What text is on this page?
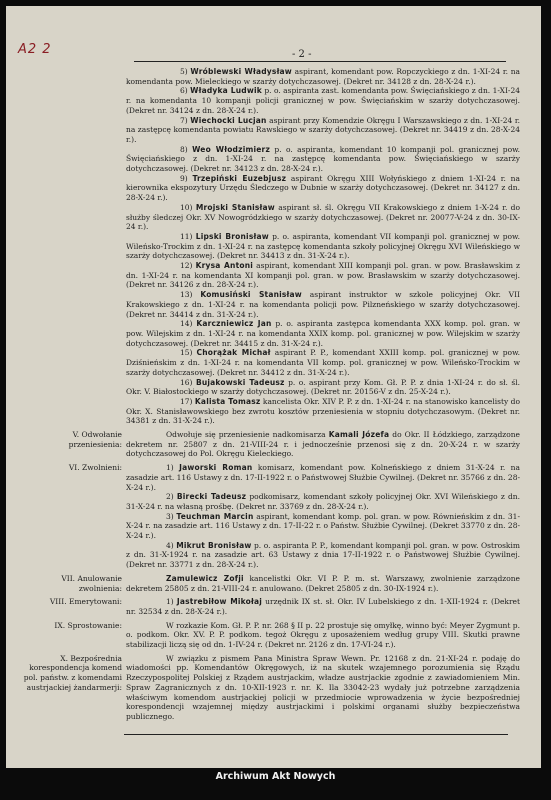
A2 2	- 2 -

5) Wróblewski Władysław aspirant, komendant pow. Ropczyckiego z dn. 1-XI-24 r. na komendanta pow. Mieleckiego w szarży dotychczasowej. (Dekret nr. 34128 z dn. 28-X-24 r.).

6) Władyka Ludwik p. o. aspiranta zast. komendanta pow. Święciańskiego z dn. 1-XI-24 r. na komendanta 10 kompanji policji granicznej w pow. Święciańskim w szarży dotychczasowej. (Dekret nr. 34124 z dn. 28-X-24 r.).

7) Wiechocki Lucjan aspirant przy Komendzie Okręgu I Warszawskiego z dn. 1-XI-24 r. na zastępcę komendanta powiatu Rawskiego w szarży dotychczasowej. (Dekret nr. 34419 z dn. 28-X-24 r.).

8) Weo Włodzimierz p. o. aspiranta, komendant 10 kompanji pol. granicznej pow. Święciańskiego z dn. 1-XI-24 r. na zastępcę komendanta pow. Święciańskiego w szarży dotychczasowej. (Dekret nr. 34123 z dn. 28-X-24 r.).

9) Trzepiński Euzebjusz aspirant Okręgu XIII Wołyńskiego z dniem 1-XI-24 r. na kierownika ekspozytury Urzędu Śledczego w Dubnie w szarży dotychczasowej. (Dekret nr. 34127 z dn. 28-X-24 r.).

10) Mrojski Stanisław aspirant sł. śl. Okręgu VII Krakowskiego z dniem 1-X-24 r. do służby śledczej Okr. XV Nowogródzkiego w szarży dotychczasowej. (Dekret nr. 20077-V-24 z dn. 30-IX-24 r.).

11) Lipski Bronisław p. o. aspiranta, komendant VII kompanji pol. granicznej w pow. Wileńsko-Trockim z dn. 1-XI-24 r. na zastępcę komendanta szkoły policyjnej Okręgu XVI Wileńskiego w szarży dotychczasowej. (Dekret nr. 34413 z dn. 31-X-24 r.).

12) Krysa Antoni aspirant, komendant XIII kompanji pol. gran. w pow. Brasławskim z dn. 1-XI-24 r. na komendanta XI kompanji pol. gran. w pow. Brasławskim w szarży dotychczasowej. (Dekret nr. 34126 z dn. 28-X-24 r.).

13) Komusiński Stanisław aspirant instruktor w szkole policyjnej Okr. VII Krakowskiego z dn. 1-XI-24 r. na komendanta policji pow. Pilzneńskiego w szarży dotychczasowej. (Dekret nr. 34414 z dn. 31-X-24 r.).

14) Karczniewicz Jan p. o. aspiranta zastępca komendanta XXX komp. pol. gran. w pow. Wilejskim z dn. 1-XI-24 r. na komendanta XXIX komp. pol. granicznej w pow. Wilejskim w szarży dotychczasowej. (Dekret nr. 34415 z dn. 31-X-24 r.).

15) Chorążak Michał aspirant P. P., komendant XXIII komp. pol. granicznej w pow. Dziśnieńskim z dn. 1-XI-24 r. na komendanta VII komp. pol. granicznej w pow. Wileńsko-Trockim w szarży dotychczasowej. (Dekret nr. 34412 z dn. 31-X-24 r.).

16) Bujakowski Tadeusz p. o. aspirant przy Kom. Gł. P. P. z dnia 1-XI-24 r. do sł. śl. Okr. V. Białostockiego w szarży dotychczasowej. (Dekret nr. 20156-V z dn. 25-X-24 r.).

17) Kalista Tomasz kancelista Okr. XIV P. P. z dn. 1-XI-24 r. na stanowisko kancelisty do Okr. X. Stanisławowskiego bez zwrotu kosztów przeniesienia w stopniu dotychczasowym. (Dekret nr. 34381 z dn. 31-X-24 r.).

V. Odwołanie przeniesienia:

Odwołuje się przeniesienie nadkomisarza Kamali Józefa do Okr. II Łódzkiego, zarządzone dekretem nr. 25807 z dn. 21-VIII-24 r. i jednocześnie przenosi się z dn. 20-X-24 r. w szarży dotychczasowej do Pol. Okręgu Kieleckiego.

VI. Zwolnieni:	1) Jaworski Roman komisarz, komendant pow. Kolneńskiego z dniem 31-X-24 r. na zasadzie art. 116 Ustawy z dn. 17-II-1922 r. o Państwowej Służbie Cywilnej. (Dekret nr. 35766 z dn. 28-X-24 r.).

2) Birecki Tadeusz podkomisarz, komendant szkoły policyjnej Okr. XVI Wileńskiego z dn. 31-X-24 r. na własną prośbę. (Dekret nr. 33769 z dn. 28-X-24 r.).

3) Teuchman Marcin aspirant, komendant komp. pol. gran. w pow. Równieńskim z dn. 31-X-24 r. na zasadzie art. 116 Ustawy z dn. 17-II-22 r. o Państw. Służbie Cywilnej. (Dekret 33770 z dn. 28-X-24 r.).

4) Mikrut Bronisław p. o. aspiranta P. P., komendant kompanji pol. gran. w pow. Ostroskim z dn. 31-X-1924 r. na zasadzie art. 63 Ustawy z dnia 17-II-1922 r. o Państwowej Służbie Cywilnej. (Dekret nr. 33771 z dn. 28-X-24 r.).

VII. Anulowanie zwolnienia:

Zamulewicz Zofji kancelistki Okr. VI P. P. m. st. Warszawy, zwolnienie zarządzone dekretem 25805 z dn. 21-VIII-24 r. anulowano. (Dekret 25805 z dn. 30-IX-1924 r.).

VIII. Emerytowani:	1) Jastrebiłow Mikołaj urzędnik IX st. sł. Okr. IV Lubelskiego z dn. 1-XII-1924 r. (Dekret nr. 32534 z dn. 28-X-24 r.).

IX. Sprostowanie:	W rozkazie Kom. Gł. P. P. nr. 268 § II p. 22 prostuje się omyłkę, winno być: Meyer Zygmunt p. o. podkom. Okr. XV. P. P. podkom. tegoż Okręgu z uposażeniem według grupy VIII. Skutki prawne stabilizacji liczą się od dn. 1-IV-24 r. (Dekret nr. 2126 z dn. 17-VI-24 r.).

X. Bezpośrednia korespondencja komend pol. państw. z komendami austrjackiej żandarmerji:

W związku z pismem Pana Ministra Spraw Wewn. Pr. 12168 z dn. 21-XI-24 r. podaję do wiadomości pp. Komendantów Okręgowych, iż na skutek wzajemnego porozumienia się Rządu Rzeczypospolitej Polskiej z Rządem austrjackim, władze austrjackie zgodnie z zawiadomieniem Min. Spraw Zagranicznych z dn. 10-XII-1923 r. nr. K. Ila 33042-23 wydały już potrzebne zarządzenia właściwym komendom austrjackiej policji w przedmiocie wprowadzenia w życie bezpośredniej korespondencji wzajemnej między austrjackimi i polskimi organami służby bezpieczeństwa publicznego.

Archiwum Akt Nowych
